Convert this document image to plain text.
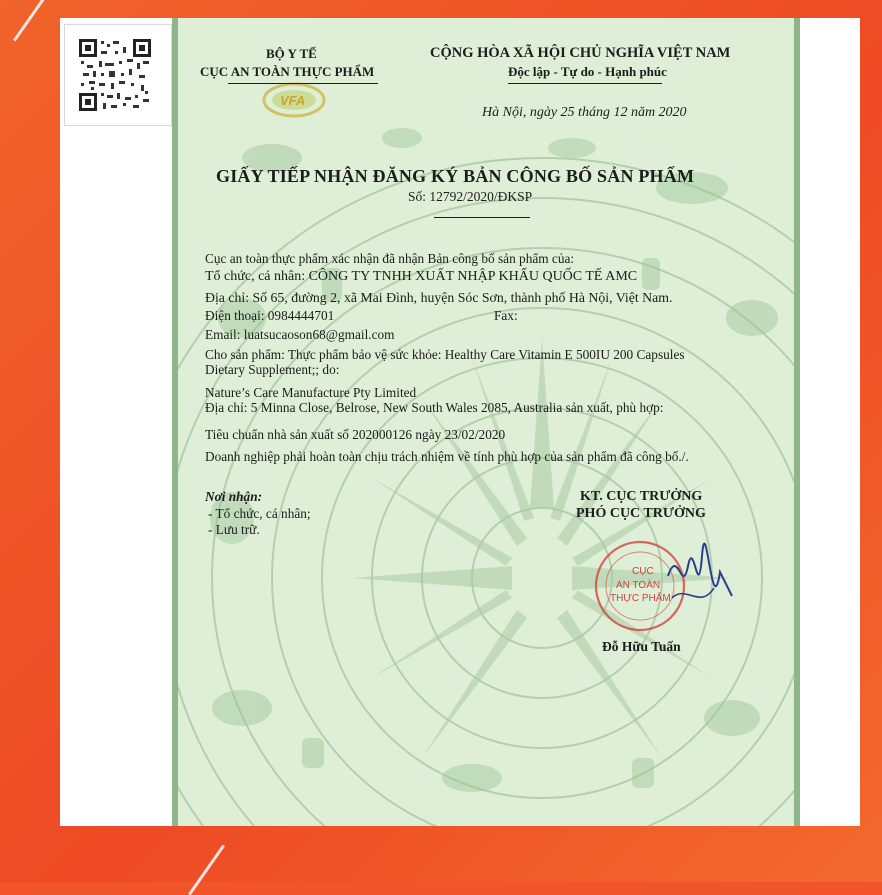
VFA
BỘ Y TẾ
CỤC AN TOÀN THỰC PHẨM
CỘNG HÒA XÃ HỘI CHỦ NGHĨA VIỆT NAM
Độc lập - Tự do - Hạnh phúc
Hà Nội, ngày 25 tháng 12 năm 2020
GIẤY TIẾP NHẬN ĐĂNG KÝ BẢN CÔNG BỐ SẢN PHẨM
Số: 12792/2020/ĐKSP
Cục an toàn thực phẩm xác nhận đã nhận Bản công bố sản phẩm của:
Tổ chức, cá nhân: CÔNG TY TNHH XUẤT NHẬP KHẨU QUỐC TẾ AMC
Địa chỉ: Số 65, đường 2, xã Mai Đình, huyện Sóc Sơn, thành phố Hà Nội, Việt Nam.
Điện thoại: 0984444701	Fax:
Email: luatsucaoson68@gmail.com
Cho sản phẩm: Thực phẩm bảo vệ sức khỏe: Healthy Care Vitamin E 500IU 200 Capsules
Dietary Supplement;; do:
Nature’s Care Manufacture Pty Limited
Địa chỉ: 5 Minna Close, Belrose, New South Wales 2085, Australia sản xuất, phù hợp:
Tiêu chuẩn nhà sản xuất số 202000126 ngày 23/02/2020
Doanh nghiệp phải hoàn toàn chịu trách nhiệm về tính phù hợp của sản phẩm đã công bố./.
Nơi nhận:
- Tổ chức, cá nhân;
- Lưu trữ.
KT. CỤC TRƯỞNG
PHÓ CỤC TRƯỞNG
CỤC
AN TOÀN
THỰC PHẨM
Đỗ Hữu Tuấn
